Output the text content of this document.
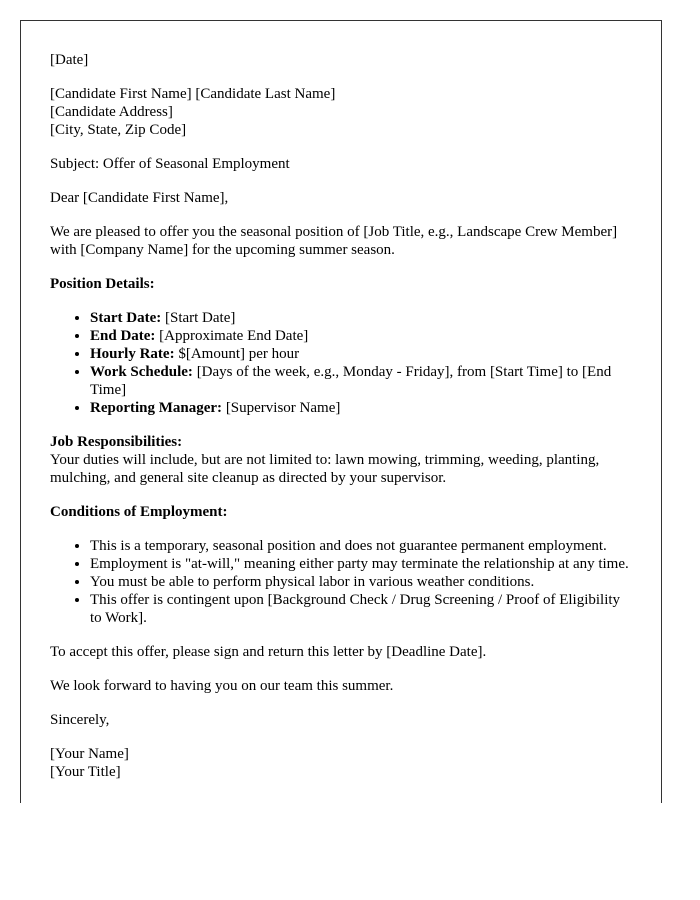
[Date]

[Candidate First Name] [Candidate Last Name]
[Candidate Address]
[City, State, Zip Code]

Subject: Offer of Seasonal Employment

Dear [Candidate First Name],

We are pleased to offer you the seasonal position of [Job Title, e.g., Landscape Crew Member] with [Company Name] for the upcoming summer season.

Position Details:

• Start Date: [Start Date]
• End Date: [Approximate End Date]
• Hourly Rate: $[Amount] per hour
• Work Schedule: [Days of the week, e.g., Monday - Friday], from [Start Time] to [End Time]
• Reporting Manager: [Supervisor Name]

Job Responsibilities:
Your duties will include, but are not limited to: lawn mowing, trimming, weeding, planting, mulching, and general site cleanup as directed by your supervisor.

Conditions of Employment:

• This is a temporary, seasonal position and does not guarantee permanent employment.
• Employment is "at-will," meaning either party may terminate the relationship at any time.
• You must be able to perform physical labor in various weather conditions.
• This offer is contingent upon [Background Check / Drug Screening / Proof of Eligibility to Work].

To accept this offer, please sign and return this letter by [Deadline Date].

We look forward to having you on our team this summer.

Sincerely,

[Your Name]
[Your Title]
